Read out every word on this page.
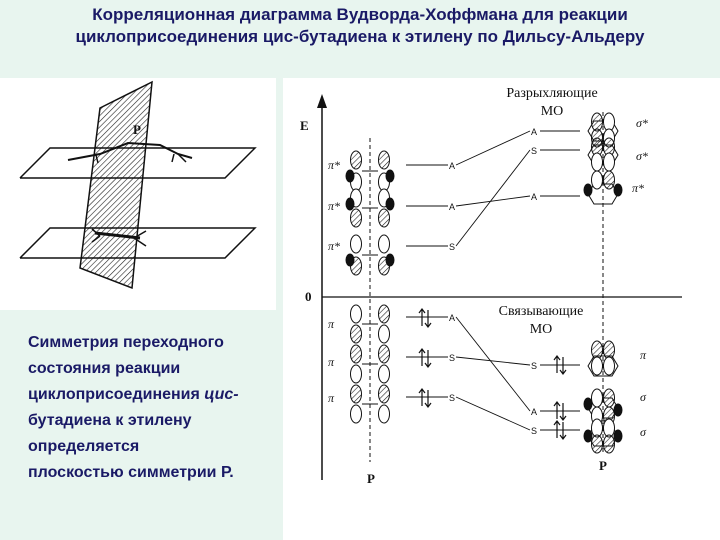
Корреляционная диаграмма Вудворда-Хоффмана для реакции
циклоприсоединения цис-бутадиена к этилену по Дильсу-Альдеру
Симметрия переходного
состояния реакции
циклоприсоединения цис-
бутадиена к этилену
определяется
плоскостью симметрии Р.
P	E
0
Разрыхляющие
МО
Связывающие
МО
P
P
A
A
S
A
S
S
π*
π*
π*
π
π
π
A
S
A
S
A
S
σ*
σ*
π*
π
σ
σ
